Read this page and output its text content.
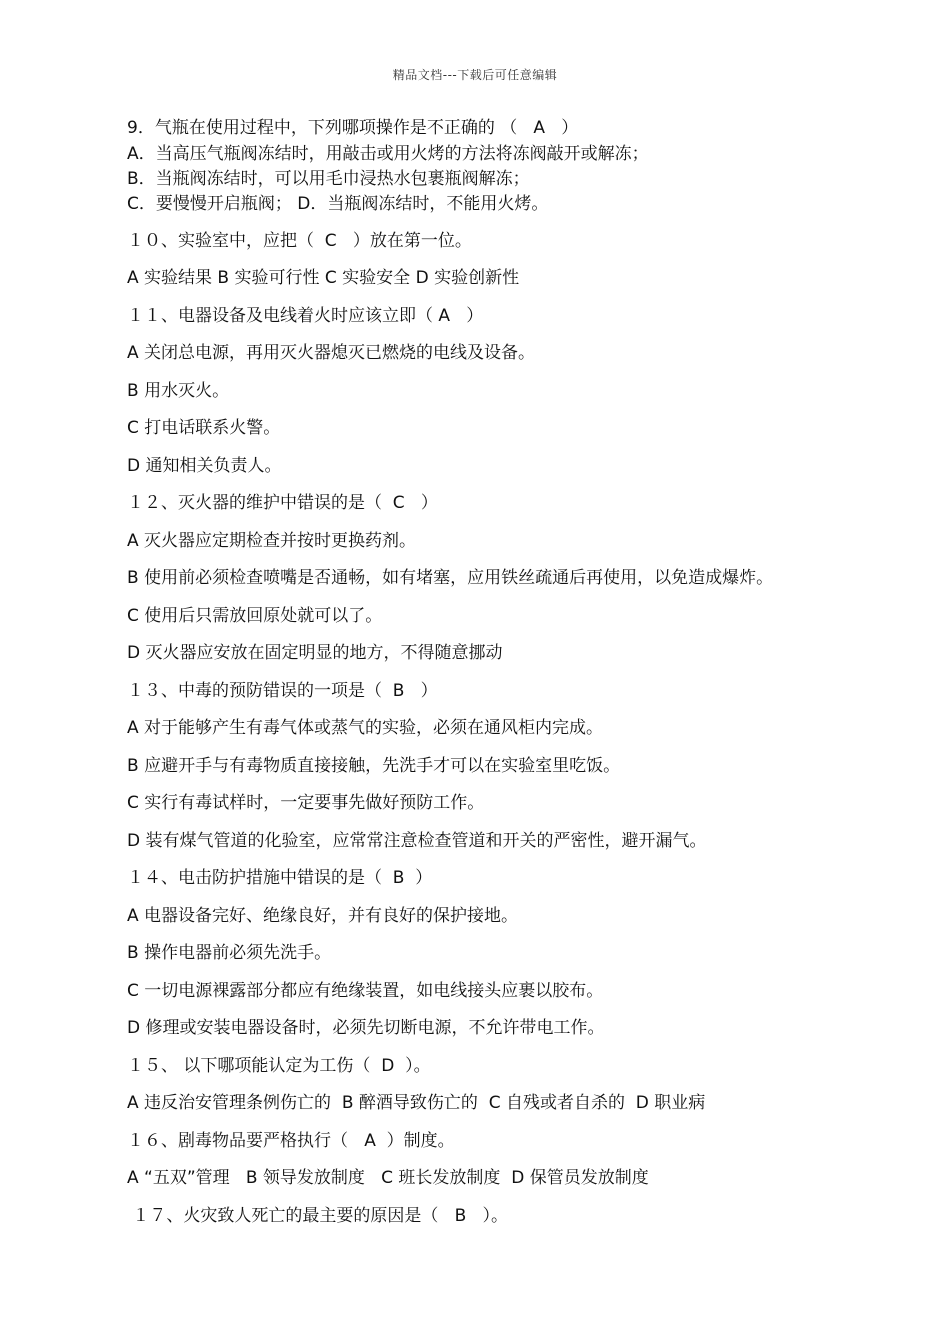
精品文档---下载后可任意编辑
9．气瓶在使用过程中，下列哪项操作是不正确的 （   A   ）
A．当高压气瓶阀冻结时，用敲击或用火烤的方法将冻阀敲开或解冻；
B．当瓶阀冻结时，可以用毛巾浸热水包裹瓶阀解冻；
C．要慢慢开启瓶阀； D．当瓶阀冻结时，不能用火烤。
１０、实验室中，应把（  C   ）放在第一位。
A 实验结果 B 实验可行性 C 实验安全 D 实验创新性
１１、电器设备及电线着火时应该立即（ A   ）
A 关闭总电源，再用灭火器熄灭已燃烧的电线及设备。
B 用水灭火。
C 打电话联系火警。
D 通知相关负责人。
１２、灭火器的维护中错误的是（  C   ）
A 灭火器应定期检查并按时更换药剂。
B 使用前必须检查喷嘴是否通畅，如有堵塞，应用铁丝疏通后再使用，以免造成爆炸。
C 使用后只需放回原处就可以了。
D 灭火器应安放在固定明显的地方，不得随意挪动
１３、中毒的预防错误的一项是（  B   ）
A 对于能够产生有毒气体或蒸气的实验，必须在通风柜内完成。
B 应避开手与有毒物质直接接触，先洗手才可以在实验室里吃饭。
C 实行有毒试样时，一定要事先做好预防工作。
D 装有煤气管道的化验室，应常常注意检查管道和开关的严密性，避开漏气。
１４、电击防护措施中错误的是（  B  ）
A 电器设备完好、绝缘良好，并有良好的保护接地。
B 操作电器前必须先洗手。
C 一切电源裸露部分都应有绝缘装置，如电线接头应裹以胶布。
D 修理或安装电器设备时，必须先切断电源，不允许带电工作。
１５、 以下哪项能认定为工伤（  D  ）。
A 违反治安管理条例伤亡的  B 醉酒导致伤亡的  C 自残或者自杀的  D 职业病
１６、剧毒物品要严格执行（   A  ）制度。
A “五双”管理   B 领导发放制度   C 班长发放制度  D 保管员发放制度
１７、火灾致人死亡的最主要的原因是（   B   ）。
